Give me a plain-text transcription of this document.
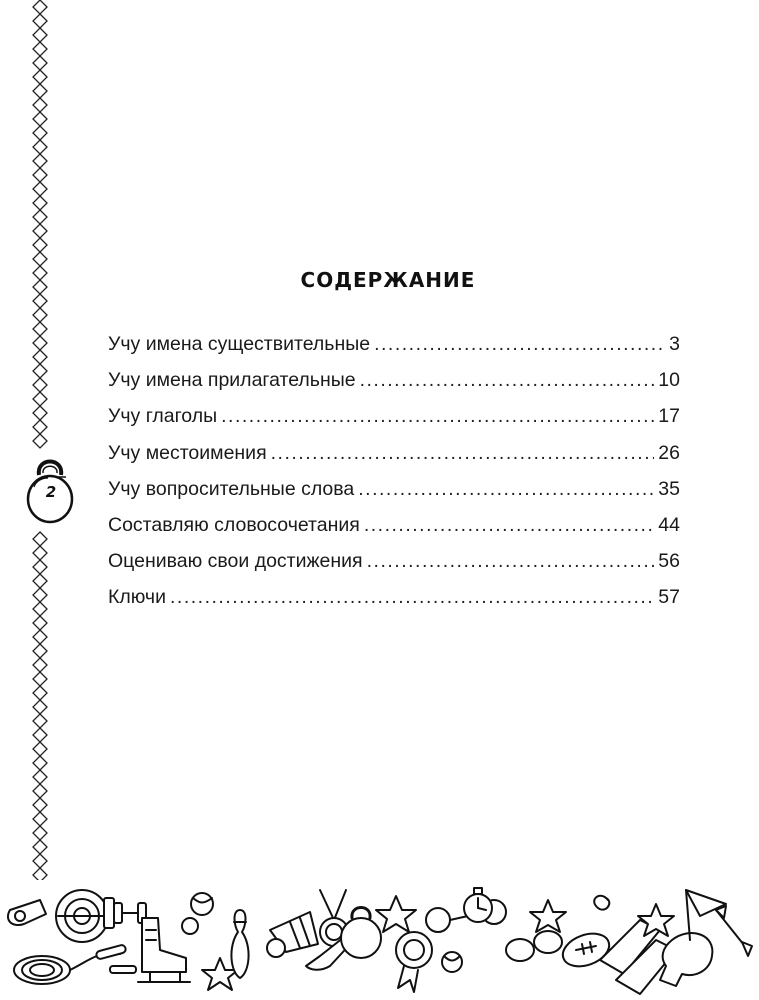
2
СОДЕРЖАНИЕ
Учу имена существительные .....	3
Учу имена прилагательные .....	10
Учу глаголы .....	17
Учу местоимения .....	26
Учу вопросительные слова .....	35
Составляю словосочетания .....	44
Оцениваю свои достижения .....	56
Ключи .....	57
